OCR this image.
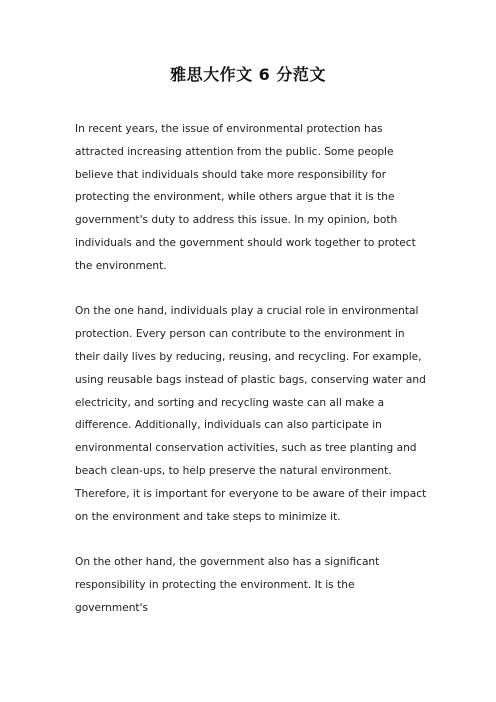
雅思大作文 6 分范文

In recent years, the issue of environmental protection has attracted increasing attention from the public. Some people believe that individuals should take more responsibility for protecting the environment, while others argue that it is the government's duty to address this issue. In my opinion, both individuals and the government should work together to protect the environment.

On the one hand, individuals play a crucial role in environmental protection. Every person can contribute to the environment in their daily lives by reducing, reusing, and recycling. For example, using reusable bags instead of plastic bags, conserving water and electricity, and sorting and recycling waste can all make a difference. Additionally, individuals can also participate in environmental conservation activities, such as tree planting and beach clean-ups, to help preserve the natural environment. Therefore, it is important for everyone to be aware of their impact on the environment and take steps to minimize it.

On the other hand, the government also has a significant responsibility in protecting the environment. It is the government's
